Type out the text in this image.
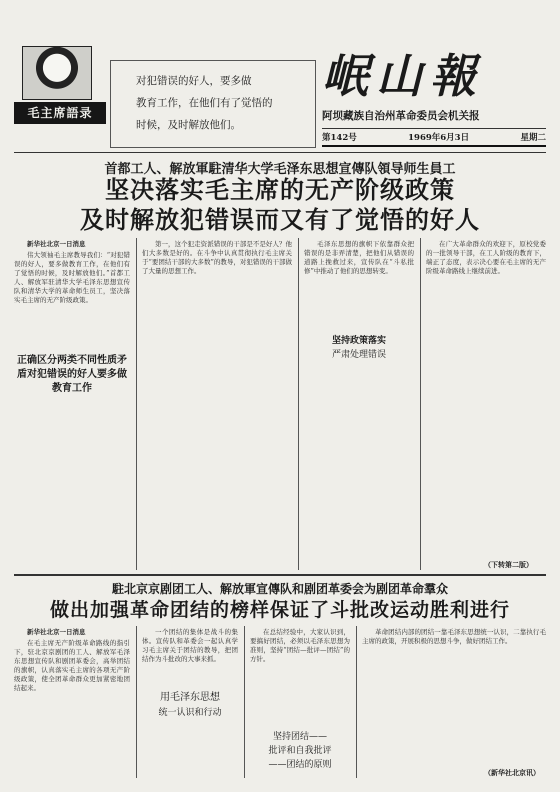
毛主席語录
对犯错误的好人，要多做
教育工作，在他们有了觉悟的
时候，及时解放他们。
岷山報
阿坝藏族自治州革命委员会机关报
第142号	1969年6月3日	星期二
首都工人、解放軍駐清华大学毛泽东思想宣傳队領导师生員工
坚决落实毛主席的无产阶级政策
及时解放犯错误而又有了觉悟的好人

新华社北京一日消息

伟大领袖毛主席教导我们：“对犯错误的好人，要多做教育工作，在他们有了觉悟的时候，及时解放他们。”首都工人、解放军驻清华大学毛泽东思想宣传队和清华大学的革命师生员工，坚决落实毛主席的无产阶级政策。

正确区分两类不同性质矛盾对犯错误的好人要多做教育工作

第一，这个犯走资派错误的干部是不是好人？他们大多数是好的。在斗争中认真贯彻执行毛主席关于“要团结干部的大多数”的教导，对犯错误的干部做了大量的思想工作。

毛泽东思想的旗帜下依靠群众把错误的是非弄清楚，把他们从错误的道路上挽救过来，宣传队在“斗私批修”中推动了他们的思想转变。

坚持政策落实
严肃处理错误

在广大革命群众的欢迎下，原校党委的一批领导干部，在工人阶级的教育下，端正了态度，表示决心要在毛主席的无产阶级革命路线上继续前进。

（下转第二版）
駐北京京剧团工人、解放軍宣傳队和剧团革委会为剧团革命羣众
做出加强革命团结的榜样保证了斗批改运动胜利进行

新华社北京一日消息

在毛主席无产阶级革命路线的指引下，驻北京京剧团的工人、解放军毛泽东思想宣传队和剧团革委会，高举团结的旗帜，认真落实毛主席的各项无产阶级政策，使全团革命群众更加紧密地团结起来。

一个团结的集体是战斗的集体。宣传队和革委会一起认真学习毛主席关于团结的教导，把团结作为斗批改的大事来抓。

用毛泽东思想
统一认识和行动
坚持团结——
批评和自我批评
——团结的原则

在总结经验中，大家认识到，要搞好团结，必须以毛泽东思想为准则，坚持“团结—批评—团结”的方针。

革命团结内部的团结一靠毛泽东思想统一认识，二靠执行毛主席的政策，开展积极的思想斗争，做好团结工作。

（新华社北京讯）
